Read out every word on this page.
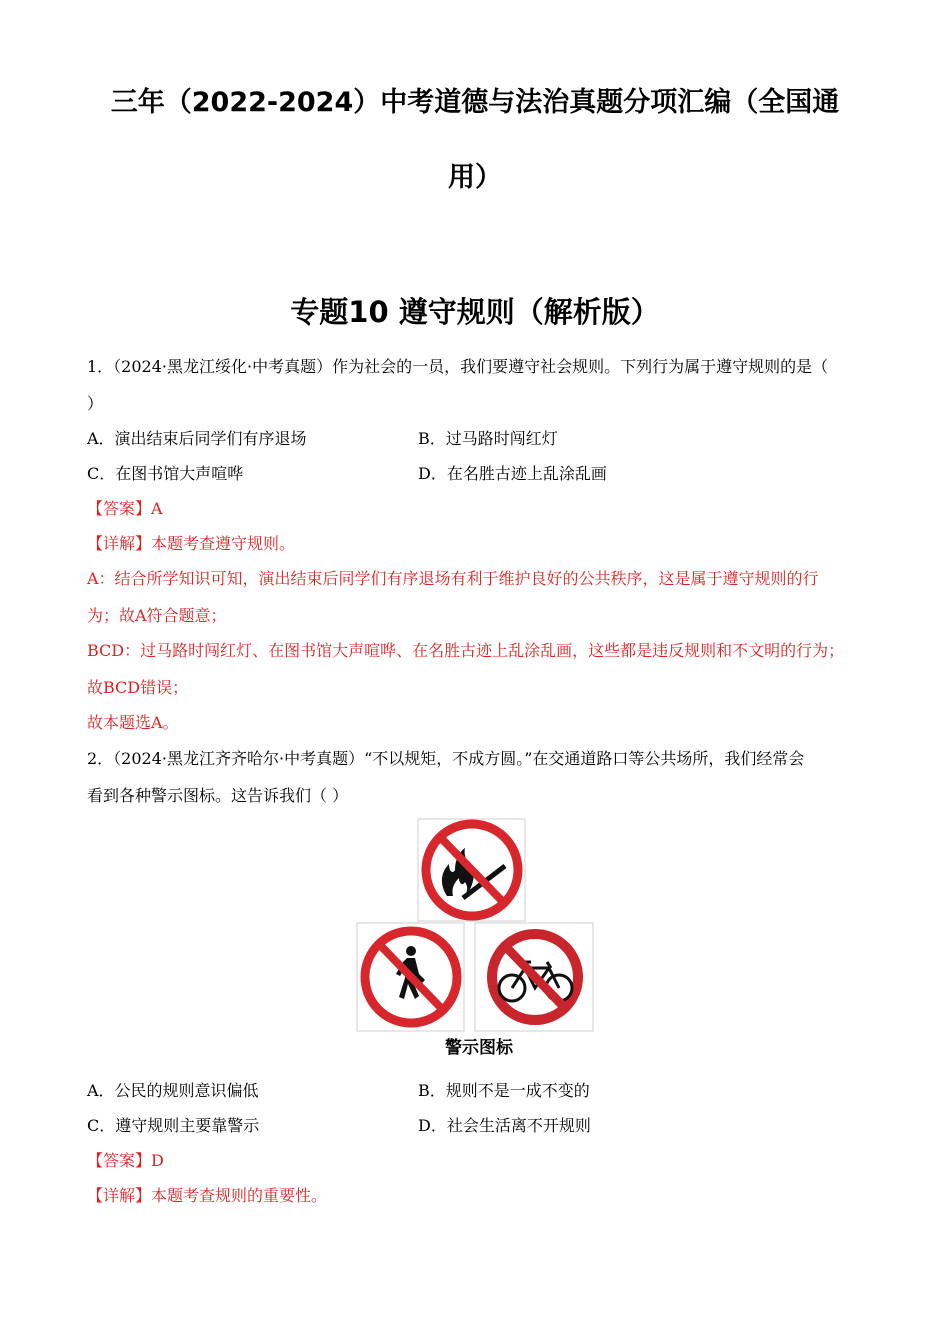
三年（2022-2024）中考道德与法治真题分项汇编（全国通
用）
专题10 遵守规则（解析版）
1．（2024·黑龙江绥化·中考真题）作为社会的一员，我们要遵守社会规则。下列行为属于遵守规则的是（
）
A．演出结束后同学们有序退场	B．过马路时闯红灯
C．在图书馆大声喧哗	D．在名胜古迹上乱涂乱画
【答案】A
【详解】本题考查遵守规则。
A：结合所学知识可知，演出结束后同学们有序退场有利于维护良好的公共秩序，这是属于遵守规则的行
为；故A符合题意；
BCD：过马路时闯红灯、在图书馆大声喧哗、在名胜古迹上乱涂乱画，这些都是违反规则和不文明的行为；
故BCD错误；
故本题选A。
2．（2024·黑龙江齐齐哈尔·中考真题）“不以规矩，不成方圆。”在交通道路口等公共场所，我们经常会
看到各种警示图标。这告诉我们（ ）
警示图标
A．公民的规则意识偏低	B．规则不是一成不变的
C．遵守规则主要靠警示	D．社会生活离不开规则
【答案】D
【详解】本题考查规则的重要性。
